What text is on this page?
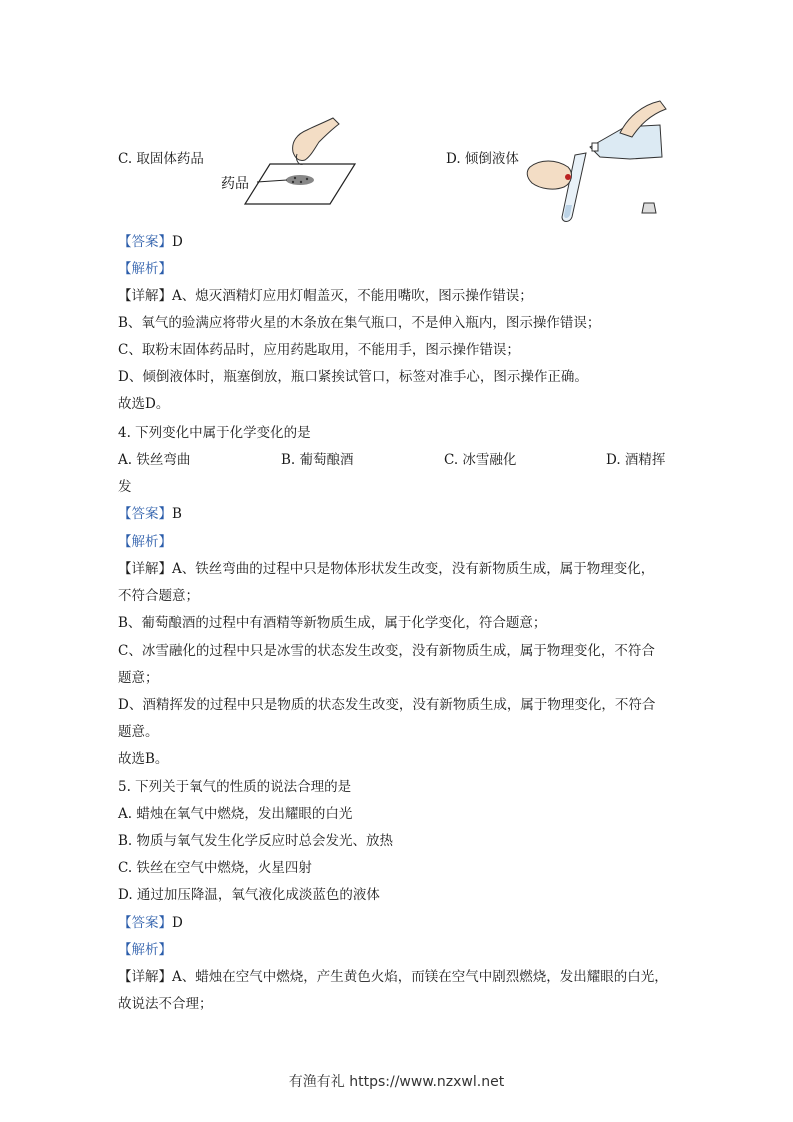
C. 取固体药品
药品
D. 倾倒液体
【答案】D
【解析】
【详解】A、熄灭酒精灯应用灯帽盖灭，不能用嘴吹，图示操作错误；
B、氧气的验满应将带火星的木条放在集气瓶口，不是伸入瓶内，图示操作错误；
C、取粉末固体药品时，应用药匙取用，不能用手，图示操作错误；
D、倾倒液体时，瓶塞倒放，瓶口紧挨试管口，标签对准手心，图示操作正确。
故选D。
4. 下列变化中属于化学变化的是
A. 铁丝弯曲	B. 葡萄酿酒	C. 冰雪融化	D. 酒精挥
发
【答案】B
【解析】
【详解】A、铁丝弯曲的过程中只是物体形状发生改变，没有新物质生成，属于物理变化，
不符合题意；
B、葡萄酿酒的过程中有酒精等新物质生成，属于化学变化，符合题意；
C、冰雪融化的过程中只是冰雪的状态发生改变，没有新物质生成，属于物理变化，不符合
题意；
D、酒精挥发的过程中只是物质的状态发生改变，没有新物质生成，属于物理变化，不符合
题意。
故选B。
5. 下列关于氧气的性质的说法合理的是
A. 蜡烛在氧气中燃烧，发出耀眼的白光
B. 物质与氧气发生化学反应时总会发光、放热
C. 铁丝在空气中燃烧，火星四射
D. 通过加压降温，氧气液化成淡蓝色的液体
【答案】D
【解析】
【详解】A、蜡烛在空气中燃烧，产生黄色火焰，而镁在空气中剧烈燃烧，发出耀眼的白光，
故说法不合理；
有渔有礼 https://www.nzxwl.net
